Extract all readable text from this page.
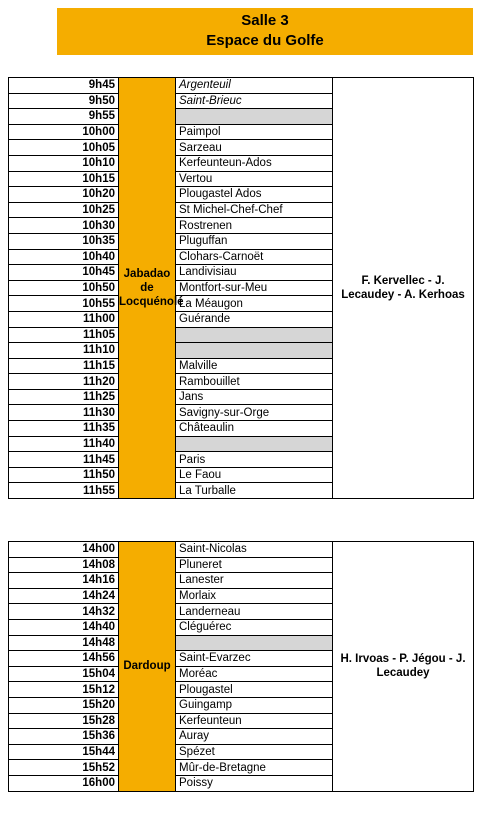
Salle 3
Espace du Golfe
9h45	Jabadao de Locquénolé	Argenteuil	F. Kervellec - J. Lecaudey - A. Kerhoas
9h50		Saint-Brieuc	
9h55			
10h00		Paimpol	
10h05		Sarzeau	
10h10		Kerfeunteun-Ados	
10h15		Vertou	
10h20		Plougastel Ados	
10h25		St Michel-Chef-Chef	
10h30		Rostrenen	
10h35		Pluguffan	
10h40		Clohars-Carnoët	
10h45		Landivisiau	
10h50		Montfort-sur-Meu	
10h55		La Méaugon	
11h00		Guérande	
11h05			
11h10			
11h15		Malville	
11h20		Rambouillet	
11h25		Jans	
11h30		Savigny-sur-Orge	
11h35		Châteaulin	
11h40			
11h45		Paris	
11h50		Le Faou	
11h55		La Turballe	
14h00	Dardoup	Saint-Nicolas	H. Irvoas - P. Jégou - J. Lecaudey
14h08		Pluneret	
14h16		Lanester	
14h24		Morlaix	
14h32		Landerneau	
14h40		Cléguérec	
14h48			
14h56		Saint-Evarzec	
15h04		Moréac	
15h12		Plougastel	
15h20		Guingamp	
15h28		Kerfeunteun	
15h36		Auray	
15h44		Spézet	
15h52		Mûr-de-Bretagne	
16h00		Poissy	
